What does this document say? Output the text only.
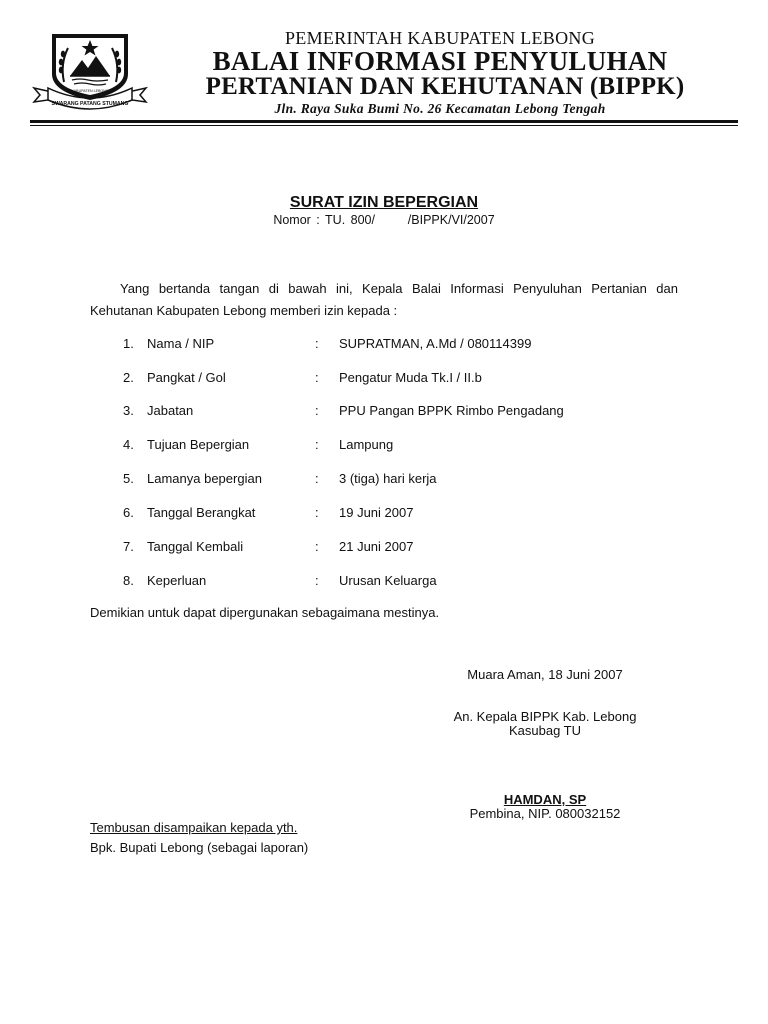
SWARANG PATANG STUMANG
KABUPATEN LEBONG
PEMERINTAH KABUPATEN LEBONG
BALAI INFORMASI PENYULUHAN
PERTANIAN DAN KEHUTANAN (BIPPK)
Jln. Raya Suka Bumi No. 26 Kecamatan Lebong Tengah
SURAT IZIN BEPERGIAN
Nomor : TU. 800/      /BIPPK/VI/2007
Yang bertanda tangan di bawah ini, Kepala Balai Informasi Penyuluhan Pertanian dan
Kehutanan Kabupaten Lebong memberi izin kepada :
1. Nama / NIP	: SUPRATMAN, A.Md / 080114399
2. Pangkat / Gol	: Pengatur Muda Tk.I / II.b
3. Jabatan	: PPU Pangan BPPK Rimbo Pengadang
4. Tujuan Bepergian	: Lampung
5. Lamanya bepergian	: 3 (tiga) hari kerja
6. Tanggal Berangkat	: 19 Juni 2007
7. Tanggal Kembali	: 21 Juni 2007
8. Keperluan	: Urusan Keluarga
Demikian untuk dapat dipergunakan sebagaimana mestinya.
Muara Aman, 18 Juni 2007
An. Kepala BIPPK Kab. Lebong
Kasubag TU
HAMDAN, SP
Pembina, NIP. 080032152
Tembusan disampaikan kepada yth.
Bpk. Bupati Lebong (sebagai laporan)
